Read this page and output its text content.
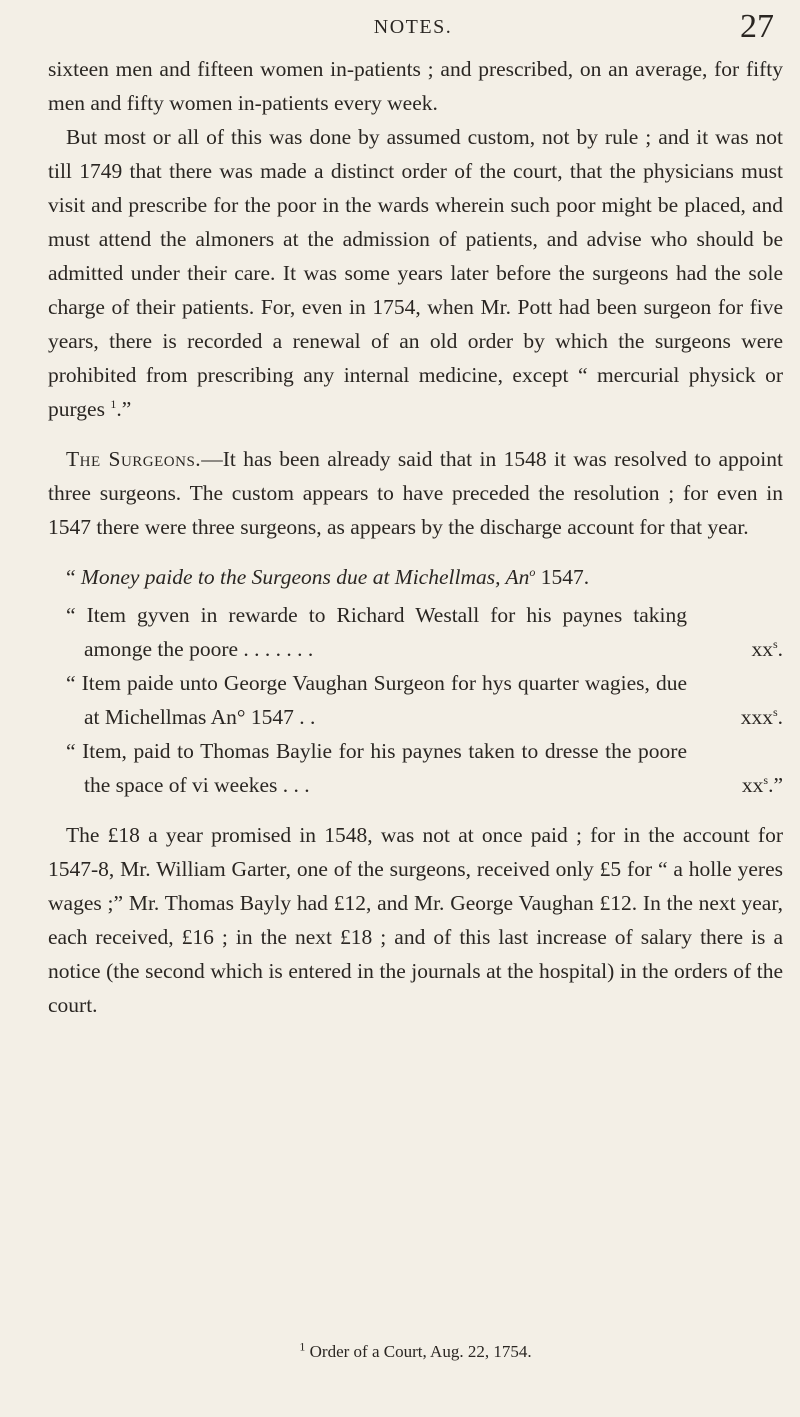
NOTES.	27

sixteen men and fifteen women in-patients ; and prescribed, on an average, for fifty men and fifty women in-patients every week.

But most or all of this was done by assumed custom, not by rule ; and it was not till 1749 that there was made a distinct order of the court, that the physicians must visit and prescribe for the poor in the wards wherein such poor might be placed, and must attend the almoners at the admission of patients, and advise who should be admitted under their care. It was some years later before the surgeons had the sole charge of their patients. For, even in 1754, when Mr. Pott had been surgeon for five years, there is recorded a renewal of an old order by which the surgeons were prohibited from prescribing any internal medicine, except “ mercurial physick or purges $^1$.”

The Surgeons.—It has been already said that in 1548 it was resolved to appoint three surgeons. The custom appears to have preceded the resolution ; for even in 1547 there were three surgeons, as appears by the discharge account for that year.

“ Money paide to the Surgeons due at Michellmas, An$^o$ 1547.

“ Item gyven in rewarde to Richard Westall for his paynes taking amonge the poore . . . . . . .	$xx^s$.
“ Item paide unto George Vaughan Surgeon for hys quarter wagies, due at Michellmas An° 1547 . .	xxx$^s$.
“ Item, paid to Thomas Baylie for his paynes taken to dresse the poore the space of vi weekes . . .	$xx^s$.”

The £18 a year promised in 1548, was not at once paid ; for in the account for 1547-8, Mr. William Garter, one of the surgeons, received only £5 for “ a holle yeres wages ;” Mr. Thomas Bayly had £12, and Mr. George Vaughan £12. In the next year, each received, £16 ; in the next £18 ; and of this last increase of salary there is a notice (the second which is entered in the journals at the hospital) in the orders of the court.

$^1$ Order of a Court, Aug. 22, 1754.
